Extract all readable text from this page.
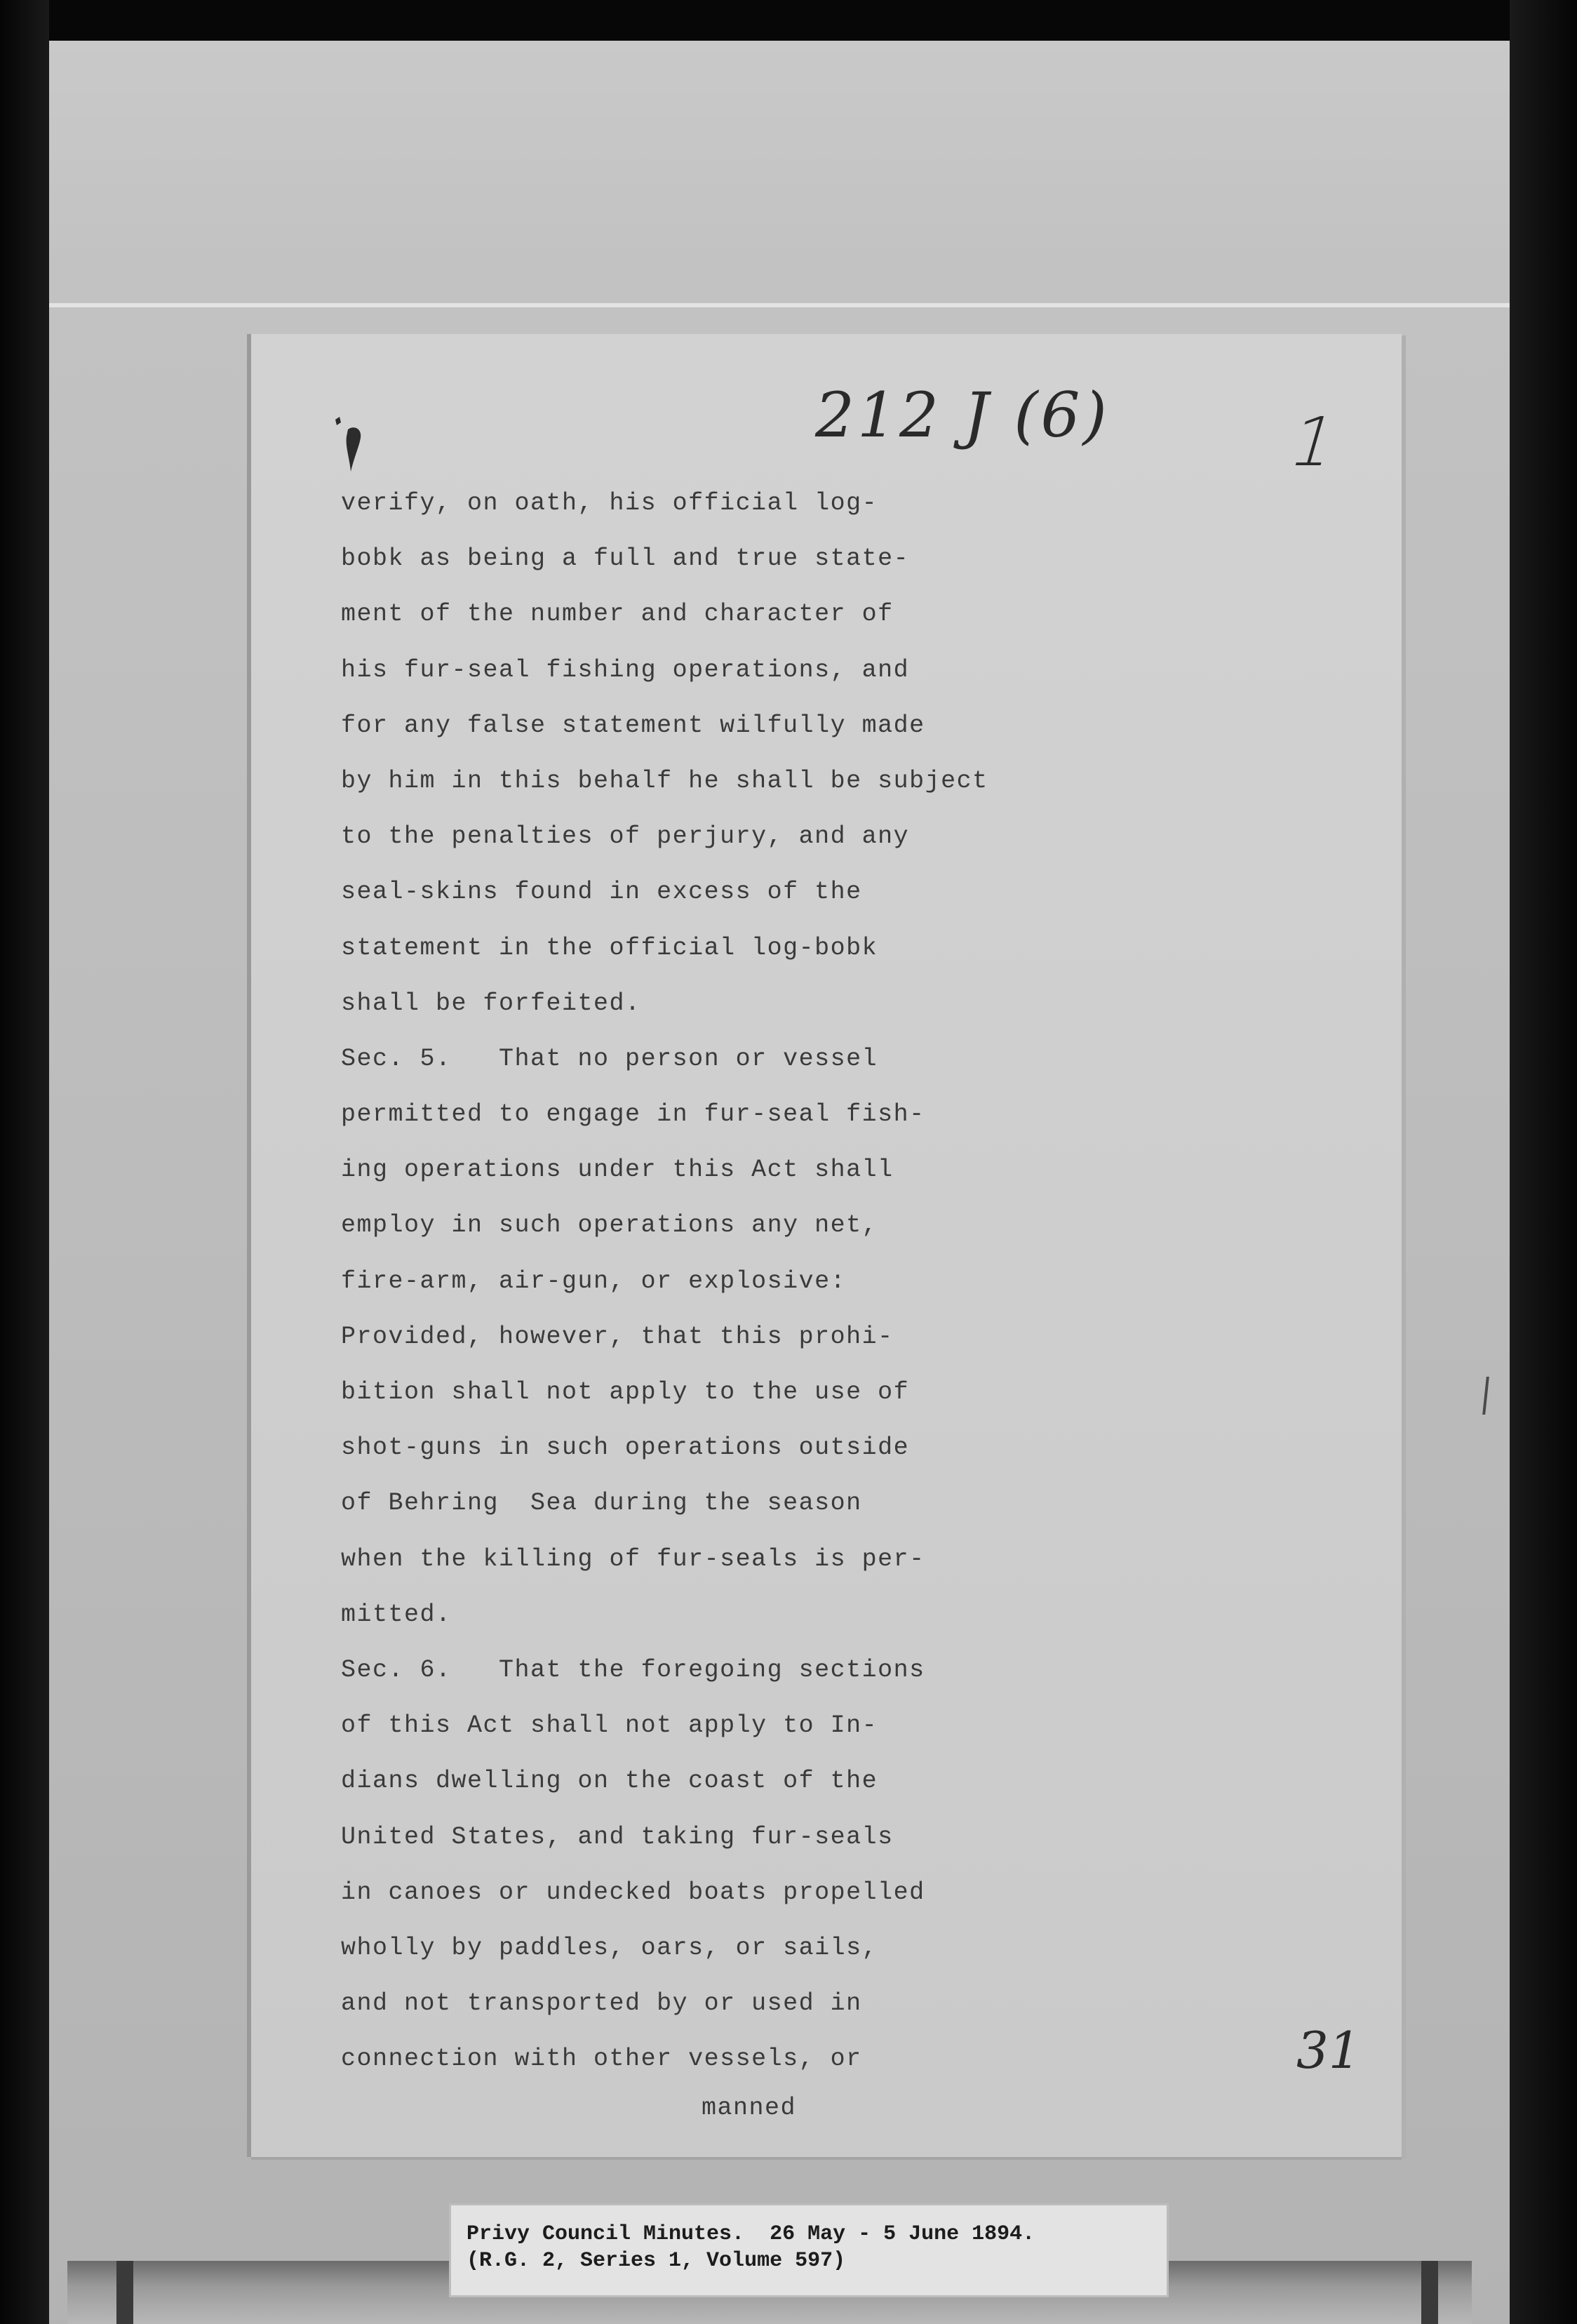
212 J (6)	1
verify, on oath, his official log-
bobk as being a full and true state-
ment of the number and character of
his fur-seal fishing operations, and
for any false statement wilfully made
by him in this behalf he shall be subject
to the penalties of perjury, and any
seal-skins found in excess of the
statement in the official log-bobk
shall be forfeited.
Sec. 5.   That no person or vessel
permitted to engage in fur-seal fish-
ing operations under this Act shall
employ in such operations any net,
fire-arm, air-gun, or explosive:
Provided, however, that this prohi-
bition shall not apply to the use of
shot-guns in such operations outside
of Behring  Sea during the season
when the killing of fur-seals is per-
mitted.
Sec. 6.   That the foregoing sections
of this Act shall not apply to In-
dians dwelling on the coast of the
United States, and taking fur-seals
in canoes or undecked boats propelled
wholly by paddles, oars, or sails,
and not transported by or used in
connection with other vessels, or
manned
31
Privy Council Minutes.  26 May - 5 June 1894.
(R.G. 2, Series 1, Volume 597)
